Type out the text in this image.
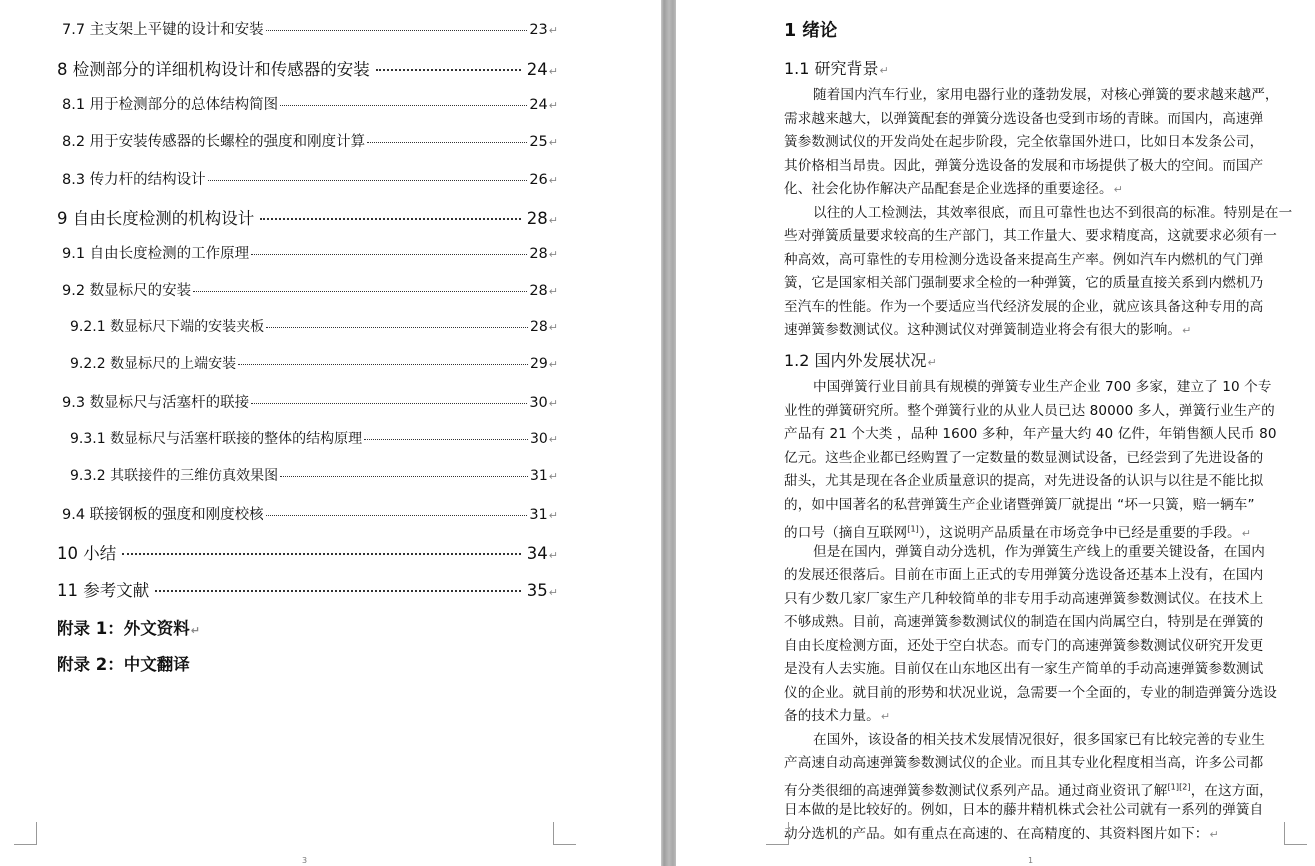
7.7 主支架上平键的设计和安装	23 ↵
8 检测部分的详细机构设计和传感器的安装	24 ↵
8.1 用于检测部分的总体结构简图	24 ↵
8.2 用于安装传感器的长螺栓的强度和刚度计算	25 ↵
8.3 传力杆的结构设计	26 ↵
9 自由长度检测的机构设计	28 ↵
9.1 自由长度检测的工作原理	28 ↵
9.2 数显标尺的安装	28 ↵
9.2.1 数显标尺下端的安装夹板	28 ↵
9.2.2 数显标尺的上端安装	29 ↵
9.3 数显标尺与活塞杆的联接	30 ↵
9.3.1 数显标尺与活塞杆联接的整体的结构原理	30 ↵
9.3.2 其联接件的三维仿真效果图	31 ↵
9.4 联接钢板的强度和刚度校核	31 ↵
10 小结	34 ↵
11 参考文献	35 ↵
附录 1：外文资料↵
附录 2：中文翻译
3
1 绪论
1.1 研究背景↵
随着国内汽车行业，家用电器行业的蓬勃发展，对核心弹簧的要求越来越严，
需求越来越大，以弹簧配套的弹簧分选设备也受到市场的青睐。而国内，高速弹
簧参数测试仪的开发尚处在起步阶段，完全依靠国外进口，比如日本发条公司，
其价格相当昂贵。因此，弹簧分选设备的发展和市场提供了极大的空间。而国产
化、社会化协作解决产品配套是企业选择的重要途径。↵
以往的人工检测法，其效率很底，而且可靠性也达不到很高的标准。特别是在一
些对弹簧质量要求较高的生产部门，其工作量大、要求精度高，这就要求必须有一
种高效，高可靠性的专用检测分选设备来提高生产率。例如汽车内燃机的气门弹
簧，它是国家相关部门强制要求全检的一种弹簧，它的质量直接关系到内燃机乃
至汽车的性能。作为一个要适应当代经济发展的企业，就应该具备这种专用的高
速弹簧参数测试仪。这种测试仪对弹簧制造业将会有很大的影响。↵
1.2 国内外发展状况↵
中国弹簧行业目前具有规模的弹簧专业生产企业 700 多家，建立了 10 个专
业性的弹簧研究所。整个弹簧行业的从业人员已达 80000 多人，弹簧行业生产的
产品有 21 个大类 ，品种 1600 多种，年产量大约 40 亿件，年销售额人民币 80
亿元。这些企业都已经购置了一定数量的数显测试设备，已经尝到了先进设备的
甜头，尤其是现在各企业质量意识的提高，对先进设备的认识与以往是不能比拟
的，如中国著名的私营弹簧生产企业诸暨弹簧厂就提出 “坏一只簧，赔一辆车”
的口号（摘自互联网[1]），这说明产品质量在市场竞争中已经是重要的手段。↵
但是在国内，弹簧自动分选机，作为弹簧生产线上的重要关键设备，在国内
的发展还很落后。目前在市面上正式的专用弹簧分选设备还基本上没有，在国内
只有少数几家厂家生产几种较简单的非专用手动高速弹簧参数测试仪。在技术上
不够成熟。目前，高速弹簧参数测试仪的制造在国内尚属空白，特别是在弹簧的
自由长度检测方面，还处于空白状态。而专门的高速弹簧参数测试仪研究开发更
是没有人去实施。目前仅在山东地区出有一家生产简单的手动高速弹簧参数测试
仪的企业。就目前的形势和状况业说，急需要一个全面的，专业的制造弹簧分选设
备的技术力量。↵
在国外，该设备的相关技术发展情况很好，很多国家已有比较完善的专业生
产高速自动高速弹簧参数测试仪的企业。而且其专业化程度相当高，许多公司都
有分类很细的高速弹簧参数测试仪系列产品。通过商业资讯了解[1][2]，在这方面，
日本做的是比较好的。例如，日本的藤井精机株式会社公司就有一系列的弹簧自
动分选机的产品。如有重点在高速的、在高精度的、其资料图片如下：↵
1
